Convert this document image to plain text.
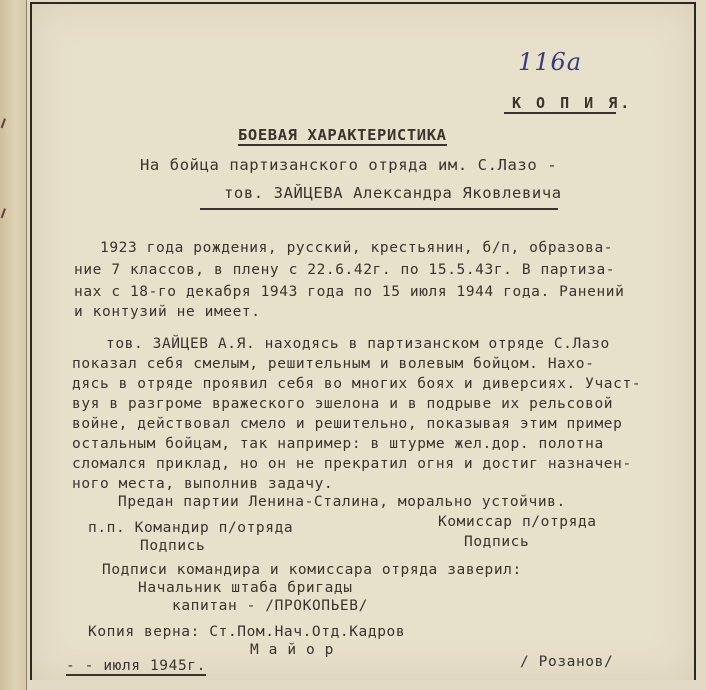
116а
К О П И Я.
БОЕВАЯ ХАРАКТЕРИСТИКА
На бойца партизанского отряда им. С.Лазо -
тов. ЗАЙЦЕВА Александра Яковлевича
1923 года рождения, русский, крестьянин, б/п, образова-
ние 7 классов, в плену с 22.6.42г. по 15.5.43г. В партиза-
нах с 18-го декабря 1943 года по 15 июля 1944 года. Ранений
и контузий не имеет.
тов. ЗАЙЦЕВ А.Я. находясь в партизанском отряде С.Лазо
показал себя смелым, решительным и волевым бойцом. Нахо-
дясь в отряде проявил себя во многих боях и диверсиях. Участ-
вуя в разгроме вражеского эшелона и в подрыве их рельсовой
войне, действовал смело и решительно, показывая этим пример
остальным бойцам, так например: в штурме жел.дор. полотна
сломался приклад, но он не прекратил огня и достиг назначен-
ного места, выполнив задачу.
Предан партии Ленина-Сталина, морально устойчив.
п.п. Командир п/отряда
Подпись
Комиссар п/отряда
Подпись
Подписи командира и комиссара отряда заверил:
Начальник штаба бригады
капитан - /ПРОКОПЬЕВ/
Копия верна: Ст.Пом.Нач.Отд.Кадров
М а й о р
- - июля 1945г.	/ Розанов/
